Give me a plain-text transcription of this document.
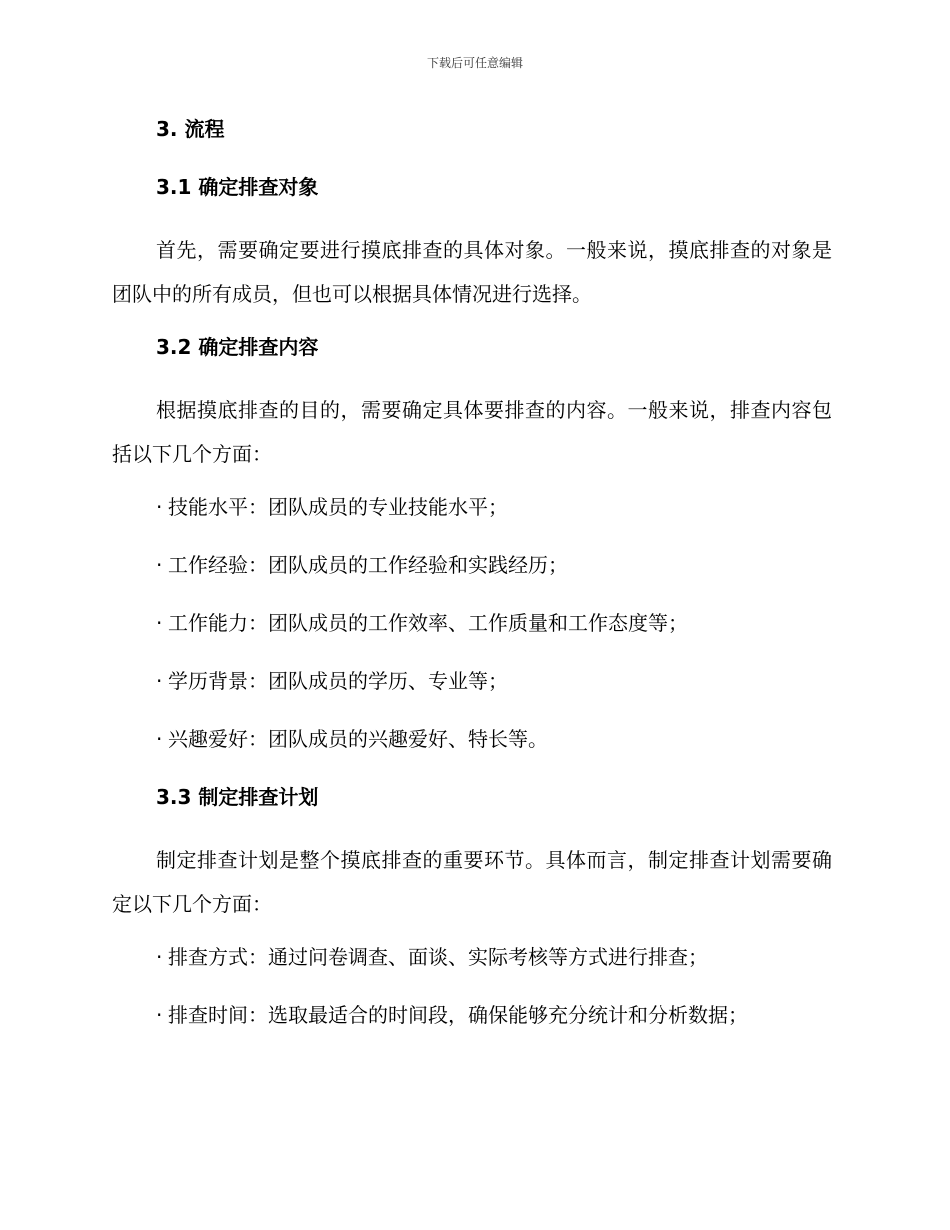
下载后可任意编辑
3. 流程
3.1 确定排查对象
首先，需要确定要进行摸底排查的具体对象。一般来说，摸底排查的对象是团队中的所有成员，但也可以根据具体情况进行选择。
3.2 确定排查内容
根据摸底排查的目的，需要确定具体要排查的内容。一般来说，排查内容包括以下几个方面：
· 技能水平：团队成员的专业技能水平；
· 工作经验：团队成员的工作经验和实践经历；
· 工作能力：团队成员的工作效率、工作质量和工作态度等；
· 学历背景：团队成员的学历、专业等；
· 兴趣爱好：团队成员的兴趣爱好、特长等。
3.3 制定排查计划
制定排查计划是整个摸底排查的重要环节。具体而言，制定排查计划需要确定以下几个方面：
· 排查方式：通过问卷调查、面谈、实际考核等方式进行排查；
· 排查时间：选取最适合的时间段，确保能够充分统计和分析数据；
